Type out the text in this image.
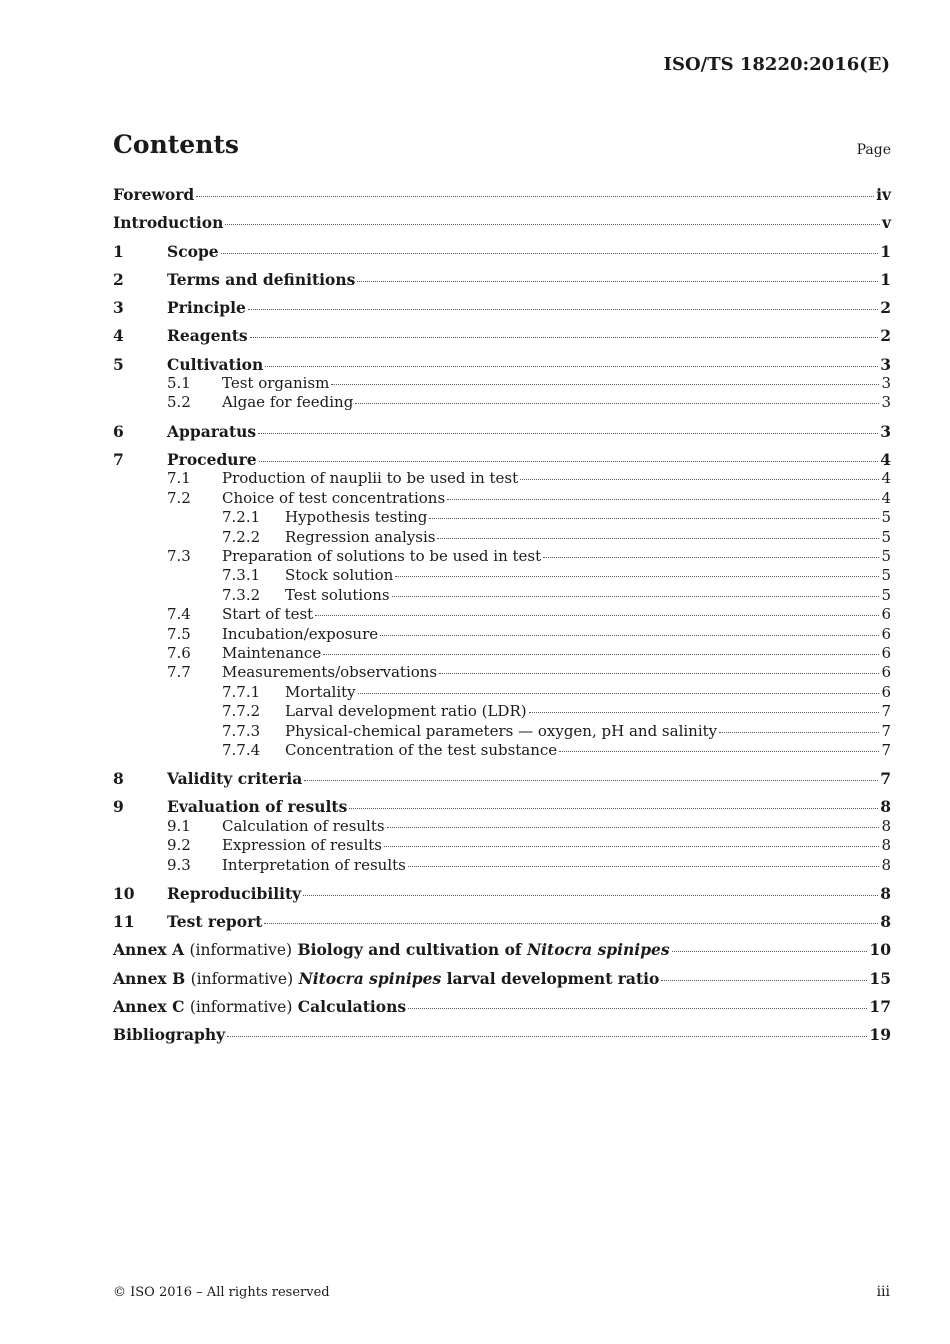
ISO/TS 18220:2016(E)
Contents	Page
Foreword	iv
Introduction	v
1	Scope	1
2	Terms and definitions	1
3	Principle	2
4	Reagents	2
5	Cultivation	3
5.1	Test organism	3
5.2	Algae for feeding	3
6	Apparatus	3
7	Procedure	4
7.1	Production of nauplii to be used in test	4
7.2	Choice of test concentrations	4
7.2.1	Hypothesis testing	5
7.2.2	Regression analysis	5
7.3	Preparation of solutions to be used in test	5
7.3.1	Stock solution	5
7.3.2	Test solutions	5
7.4	Start of test	6
7.5	Incubation/exposure	6
7.6	Maintenance	6
7.7	Measurements/observations	6
7.7.1	Mortality	6
7.7.2	Larval development ratio (LDR)	7
7.7.3	Physical-chemical parameters — oxygen, pH and salinity	7
7.7.4	Concentration of the test substance	7
8	Validity criteria	7
9	Evaluation of results	8
9.1	Calculation of results	8
9.2	Expression of results	8
9.3	Interpretation of results	8
10	Reproducibility	8
11	Test report	8
Annex A (informative) Biology and cultivation of Nitocra spinipes	10
Annex B (informative) Nitocra spinipes larval development ratio	15
Annex C (informative) Calculations	17
Bibliography	19
© ISO 2016 – All rights reserved	iii
